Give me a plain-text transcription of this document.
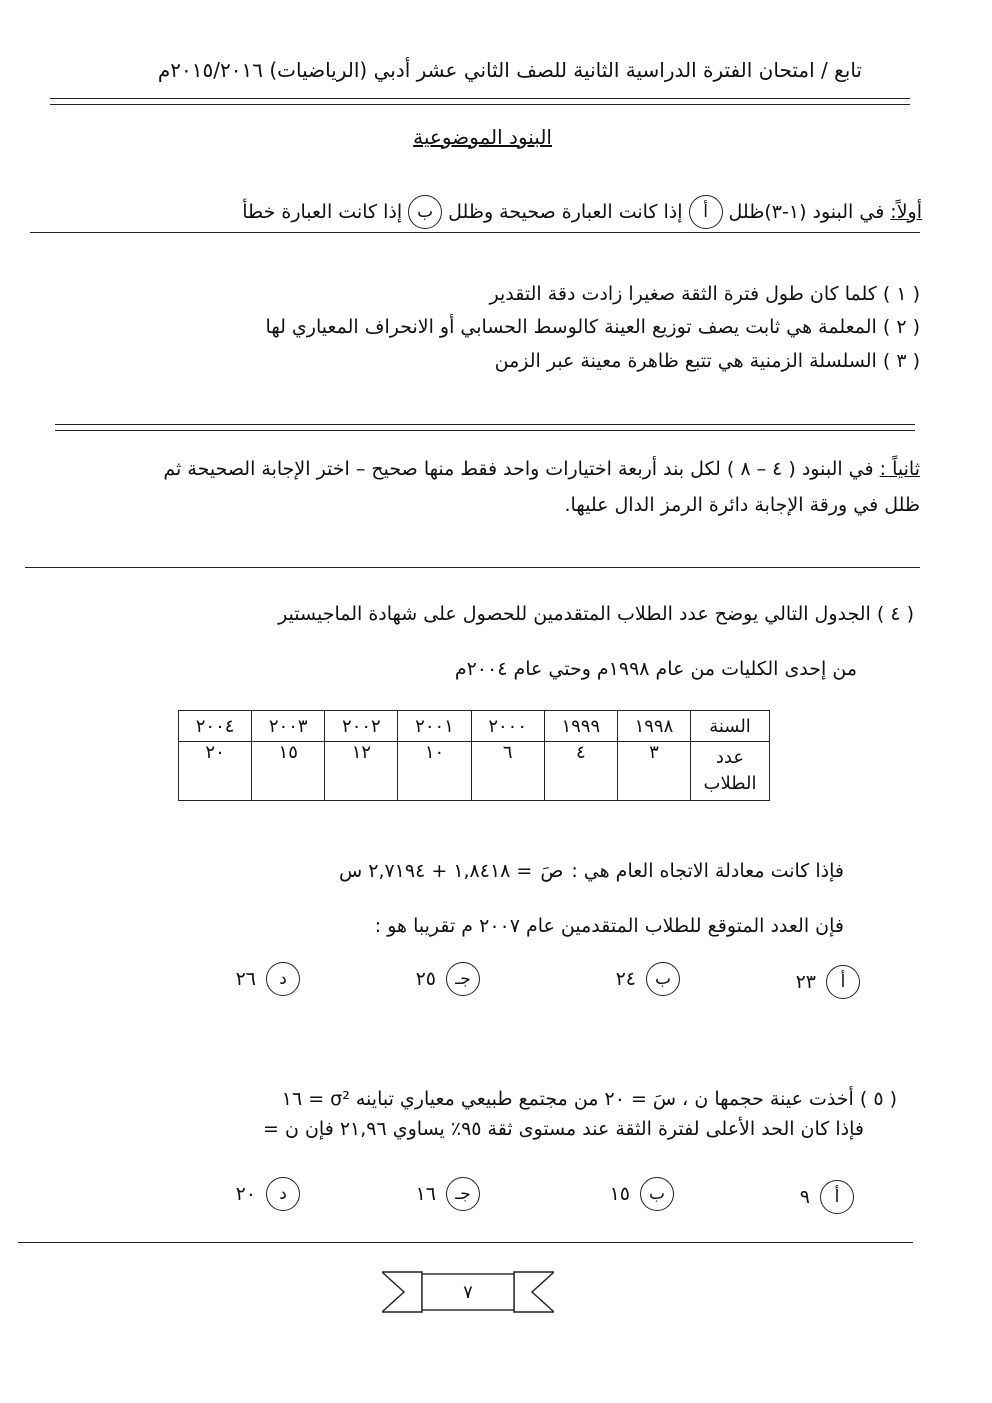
تابع / امتحان الفترة الدراسية الثانية للصف الثاني عشر أدبي (الرياضيات) ٢٠١٥/٢٠١٦م
البنود الموضوعية
أولاً:
في البنود (١-٣)ظلل
أ
إذا كانت العبارة صحيحة وظلل
ب
إذا كانت العبارة خطأ
( ١ ) كلما كان طول فترة الثقة صغيرا زادت دقة التقدير
( ٢ ) المعلمة هي ثابت يصف توزيع العينة كالوسط الحسابي أو الانحراف المعياري لها
( ٣ ) السلسلة الزمنية هي تتبع ظاهرة معينة عبر الزمن
ثانياً : في البنود ( ٤ – ٨ ) لكل بند أربعة اختيارات واحد فقط منها صحيح – اختر الإجابة الصحيحة ثم
ظلل في ورقة الإجابة دائرة الرمز الدال عليها.
( ٤ ) الجدول التالي يوضح عدد الطلاب المتقدمين للحصول على شهادة الماجيستير
من إحدى الكليات من عام ١٩٩٨م وحتي عام ٢٠٠٤م
السنة	١٩٩٨	١٩٩٩	٢٠٠٠	٢٠٠١	٢٠٠٢	٢٠٠٣	٢٠٠٤
عدد الطلاب	٣	٤	٦	١٠	١٢	١٥	٢٠
فإذا كانت معادلة الاتجاه العام هي :
صَ
= ١,٨٤١٨ + ٢,٧١٩٤ س
فإن العدد المتوقع للطلاب المتقدمين عام ٢٠٠٧ م تقريبا هو :
أ
٢٣
ب
٢٤
جـ
٢٥
د
٢٦
( ٥ ) أخذت عينة حجمها ن ، سَ = ٢٠ من مجتمع طبيعي معياري تباينه σ² = ١٦
فإذا كان الحد الأعلى لفترة الثقة عند مستوى ثقة ٩٥٪ يساوي ٢١,٩٦ فإن ن =
أ
٩
ب
١٥
جـ
١٦
د
٢٠
٧
